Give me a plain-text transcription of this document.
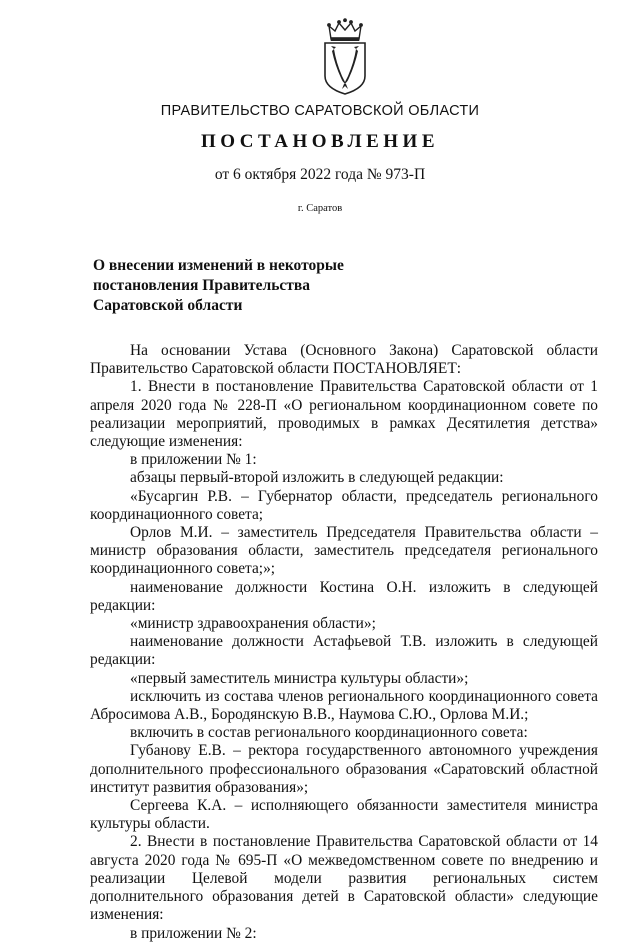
ПРАВИТЕЛЬСТВО САРАТОВСКОЙ ОБЛАСТИ
ПОСТАНОВЛЕНИЕ
от 6 октября 2022 года № 973-П
г. Саратов
О внесении изменений в некоторые
постановления Правительства
Саратовской области

На основании Устава (Основного Закона) Саратовской области Правительство Саратовской области ПОСТАНОВЛЯЕТ:

1. Внести в постановление Правительства Саратовской области от 1 апреля 2020 года № 228-П «О региональном координационном совете по реализации мероприятий, проводимых в рамках Десятилетия детства» следующие изменения:

в приложении № 1:

абзацы первый-второй изложить в следующей редакции:

«Бусаргин Р.В. – Губернатор области, председатель регионального координационного совета;

Орлов М.И. – заместитель Председателя Правительства области – министр образования области, заместитель председателя регионального координационного совета;»;

наименование должности Костина О.Н. изложить в следующей редакции:

«министр здравоохранения области»;

наименование должности Астафьевой Т.В. изложить в следующей редакции:

«первый заместитель министра культуры области»;

исключить из состава членов регионального координационного совета Абросимова А.В., Бородянскую В.В., Наумова С.Ю., Орлова М.И.;

включить в состав регионального координационного совета:

Губанову Е.В. – ректора государственного автономного учреждения дополнительного профессионального образования «Саратовский областной институт развития образования»;

Сергеева К.А. – исполняющего обязанности заместителя министра культуры области.

2. Внести в постановление Правительства Саратовской области от 14 августа 2020 года № 695-П «О межведомственном совете по внедрению и реализации Целевой модели развития региональных систем дополнительного образования детей в Саратовской области» следующие изменения:

в приложении № 2:
